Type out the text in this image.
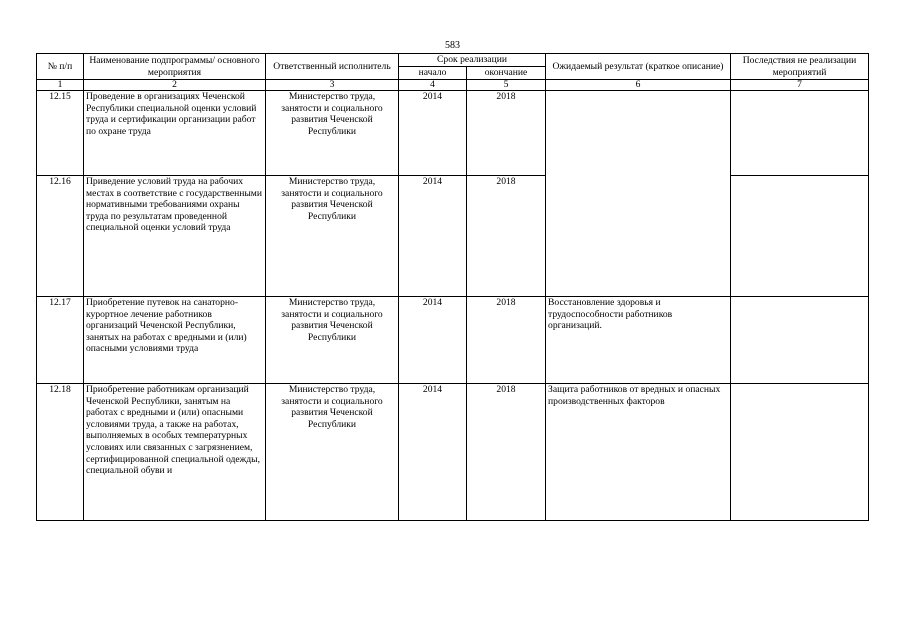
583
№ п/п	Наименование подпрограммы/ основного мероприятия	Ответственный исполнитель	Срок реализации		Ожидаемый результат (краткое описание)	Последствия не реализации мероприятий
			начало	окончание		
1	2	3	4	5	6	7
12.15	Проведение в организациях Чеченской Республики специальной оценки условий труда и сертификации организации работ по охране труда	Министерство труда, занятости и социального развития Чеченской Республики	2014	2018		
12.16	Приведение условий труда на рабочих местах в соответствие с государственными нормативными требованиями охраны труда по результатам проведенной специальной оценки условий труда	Министерство труда, занятости и социального развития Чеченской Республики	2014	2018		
12.17	Приобретение путевок на санаторно-курортное лечение работников организаций Чеченской Республики, занятых на работах с вредными и (или) опасными условиями труда	Министерство труда, занятости и социального развития Чеченской Республики	2014	2018	Восстановление здоровья и трудоспособности работников организаций.	
12.18	Приобретение работникам организаций Чеченской Республики, занятым на работах с вредными и (или) опасными условиями труда, а также на работах, выполняемых в особых температурных условиях или связанных с загрязнением, сертифицированной специальной одежды, специальной обуви и	Министерство труда, занятости и социального развития Чеченской Республики	2014	2018	Защита работников от вредных и опасных производственных факторов	
